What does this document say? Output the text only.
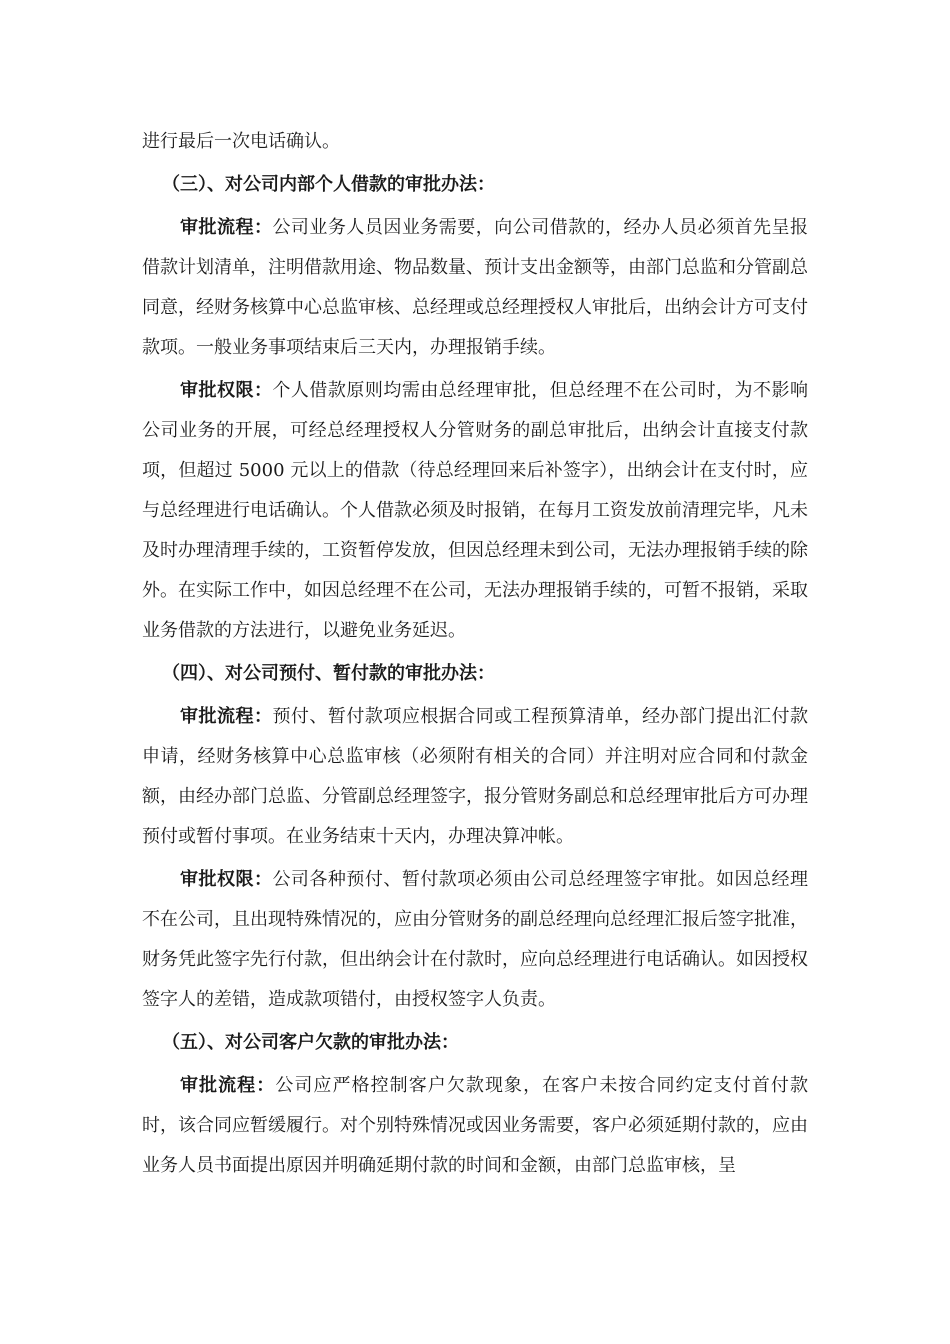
进行最后一次电话确认。

（三）、对公司内部个人借款的审批办法：

审批流程：公司业务人员因业务需要，向公司借款的，经办人员必须首先呈报借款计划清单，注明借款用途、物品数量、预计支出金额等，由部门总监和分管副总同意，经财务核算中心总监审核、总经理或总经理授权人审批后，出纳会计方可支付款项。一般业务事项结束后三天内，办理报销手续。

审批权限：个人借款原则均需由总经理审批，但总经理不在公司时，为不影响公司业务的开展，可经总经理授权人分管财务的副总审批后，出纳会计直接支付款项，但超过 5000 元以上的借款（待总经理回来后补签字），出纳会计在支付时，应与总经理进行电话确认。个人借款必须及时报销，在每月工资发放前清理完毕，凡未及时办理清理手续的，工资暂停发放，但因总经理未到公司，无法办理报销手续的除外。在实际工作中，如因总经理不在公司，无法办理报销手续的，可暂不报销，采取业务借款的方法进行，以避免业务延迟。

（四）、对公司预付、暂付款的审批办法：

审批流程：预付、暂付款项应根据合同或工程预算清单，经办部门提出汇付款申请，经财务核算中心总监审核（必须附有相关的合同）并注明对应合同和付款金额，由经办部门总监、分管副总经理签字，报分管财务副总和总经理审批后方可办理预付或暂付事项。在业务结束十天内，办理决算冲帐。

审批权限：公司各种预付、暂付款项必须由公司总经理签字审批。如因总经理不在公司，且出现特殊情况的，应由分管财务的副总经理向总经理汇报后签字批准，财务凭此签字先行付款，但出纳会计在付款时，应向总经理进行电话确认。如因授权签字人的差错，造成款项错付，由授权签字人负责。

（五）、对公司客户欠款的审批办法：

审批流程：公司应严格控制客户欠款现象，在客户未按合同约定支付首付款时，该合同应暂缓履行。对个别特殊情况或因业务需要，客户必须延期付款的，应由业务人员书面提出原因并明确延期付款的时间和金额，由部门总监审核，呈
